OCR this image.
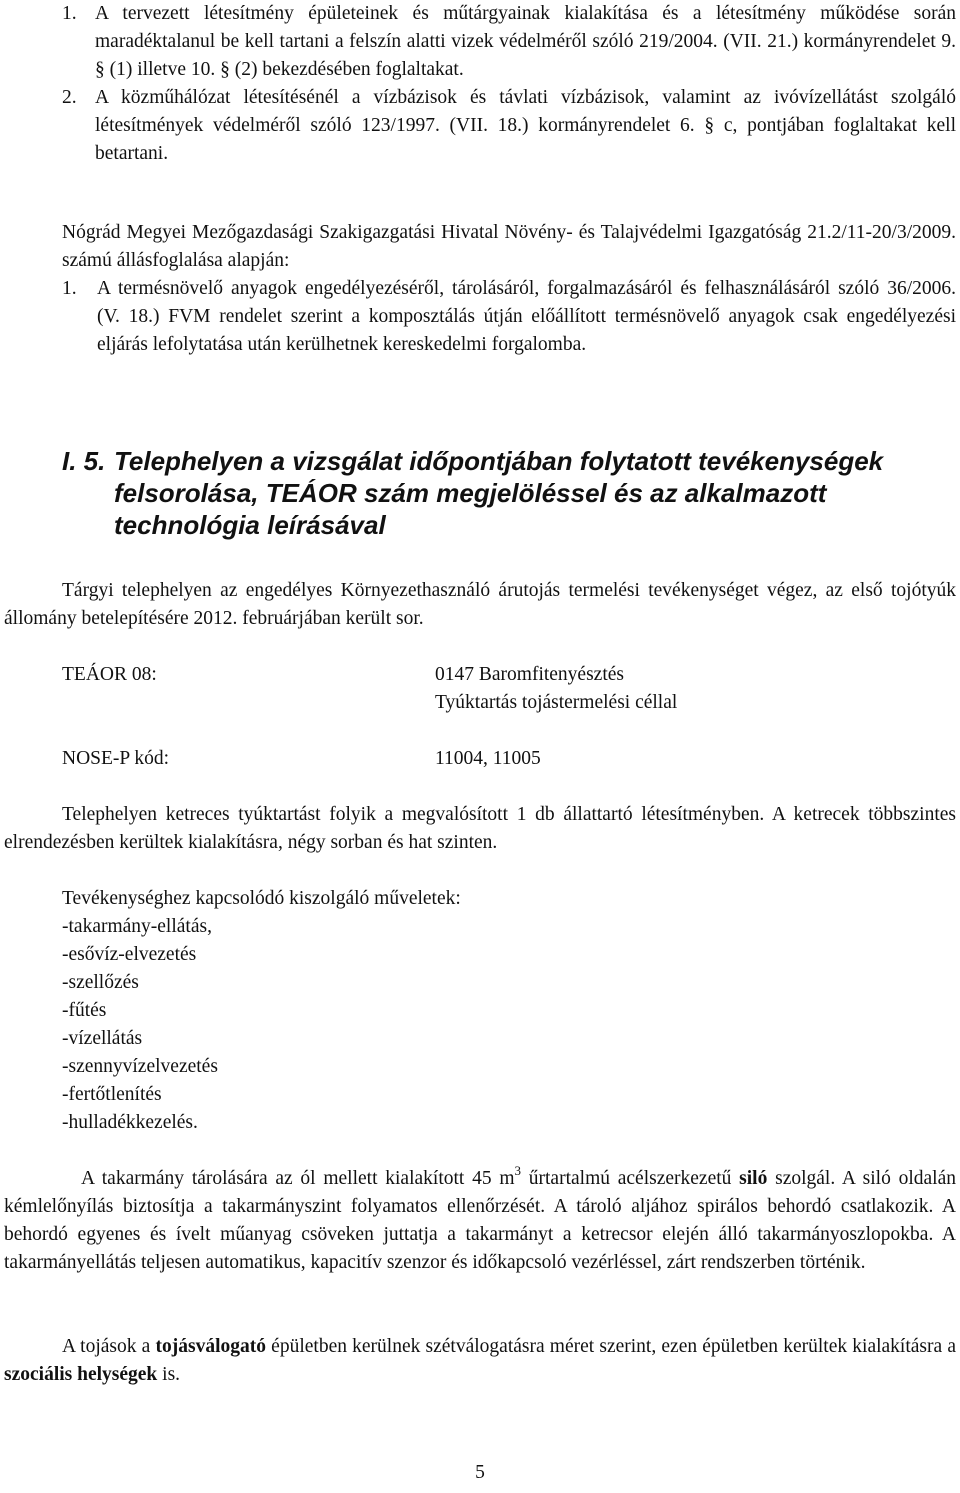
1. A tervezett létesítmény épületeinek és műtárgyainak kialakítása és a létesítmény működése során maradéktalanul be kell tartani a felszín alatti vizek védelméről szóló 219/2004. (VII. 21.) kormányrendelet 9. § (1) illetve 10. § (2) bekezdésében foglaltakat.
2. A közműhálózat létesítésénél a vízbázisok és távlati vízbázisok, valamint az ivóvízellátást szolgáló létesítmények védelméről szóló 123/1997. (VII. 18.) kormányrendelet 6. § c, pontjában foglaltakat kell betartani.
Nógrád Megyei Mezőgazdasági Szakigazgatási Hivatal Növény- és Talajvédelmi Igazgatóság 21.2/11-20/3/2009. számú állásfoglalása alapján:
1. A termésnövelő anyagok engedélyezéséről, tárolásáról, forgalmazásáról és felhasználásáról szóló 36/2006. (V. 18.) FVM rendelet szerint a komposztálás útján előállított termésnövelő anyagok csak engedélyezési eljárás lefolytatása után kerülhetnek kereskedelmi forgalomba.
I. 5. Telephelyen a vizsgálat időpontjában folytatott tevékenységek felsorolása, TEÁOR szám megjelöléssel és az alkalmazott technológia leírásával
Tárgyi telephelyen az engedélyes Környezethasználó árutojás termelési tevékenységet végez, az első tojótyúk állomány betelepítésére 2012. februárjában került sor.
TEÁOR 08:	0147 Baromfitenyésztés
Tyúktartás tojástermelési céllal
NOSE-P kód:	11004, 11005
Telephelyen ketreces tyúktartást folyik a megvalósított 1 db állattartó létesítményben. A ketrecek többszintes elrendezésben kerültek kialakításra, négy sorban és hat szinten.
Tevékenységhez kapcsolódó kiszolgáló műveletek:
-takarmány-ellátás,
-esővíz-elvezetés
-szellőzés
-fűtés
-vízellátás
-szennyvízelvezetés
-fertőtlenítés
-hulladékkezelés.
A takarmány tárolására az ól mellett kialakított 45 $m^3$ űrtartalmú acélszerkezetű siló szolgál. A siló oldalán kémlelőnyílás biztosítja a takarmányszint folyamatos ellenőrzését. A tároló aljához spirálos behordó csatlakozik. A behordó egyenes és ívelt műanyag csöveken juttatja a takarmányt a ketrecsor elején álló takarmányoszlopokba. A takarmányellátás teljesen automatikus, kapacitív szenzor és időkapcsoló vezérléssel, zárt rendszerben történik.
A tojások a tojásválogató épületben kerülnek szétválogatásra méret szerint, ezen épületben kerültek kialakításra a szociális helységek is.
5
